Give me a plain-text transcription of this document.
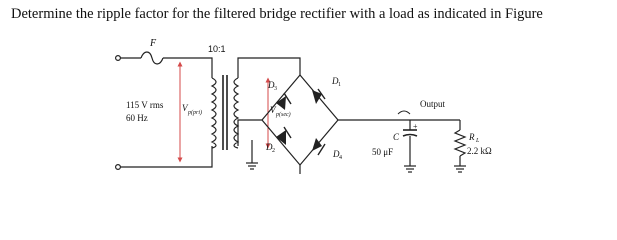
Determine the ripple factor for the filtered bridge rectifier with a load as indicated in Figure
F	10:1
115 V rms
60 Hz
V p(pri)	V p(sec)
D 3
D 1
D 2	D 4
Output
C
+
50 μF
R L
2.2 kΩ
